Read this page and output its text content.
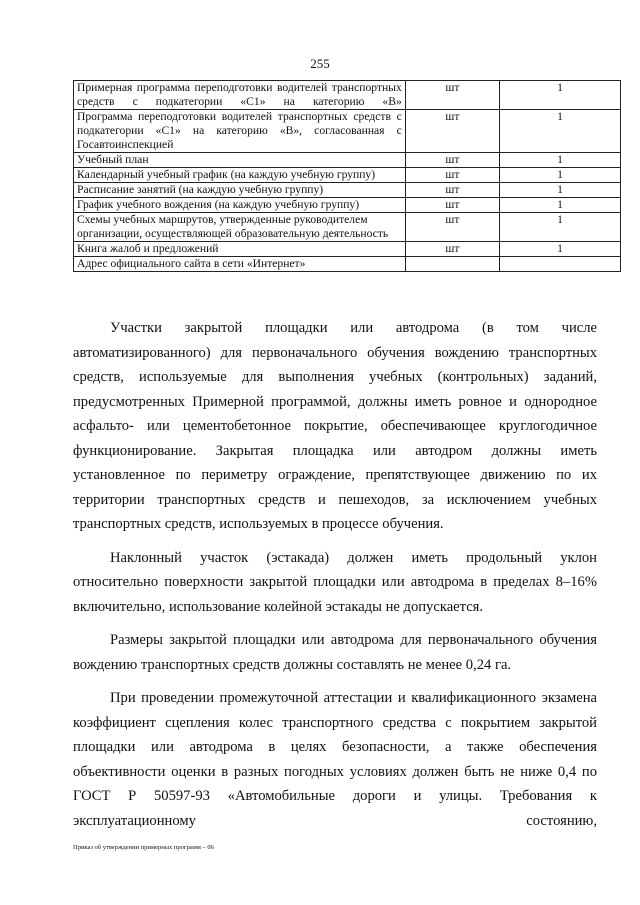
255
Примерная программа переподготовки водителей транспортных средств с подкатегории «С1» на категорию «В»	шт	1
Программа переподготовки водителей транспортных средств с подкатегории «С1» на категорию «В», согласованная с Госавтоинспекцией	шт	1
Учебный план	шт	1
Календарный учебный график (на каждую учебную группу)	шт	1
Расписание занятий (на каждую учебную группу)	шт	1
График учебного вождения (на каждую учебную группу)	шт	1
Схемы учебных маршрутов, утвержденные руководителем организации, осуществляющей образовательную деятельность	шт	1
Книга жалоб и предложений	шт	1
Адрес официального сайта в сети «Интернет»		

Участки закрытой площадки или автодрома (в том числе автоматизированного) для первоначального обучения вождению транспортных средств, используемые для выполнения учебных (контрольных) заданий, предусмотренных Примерной программой, должны иметь ровное и однородное асфальто- или цементобетонное покрытие, обеспечивающее круглогодичное функционирование. Закрытая площадка или автодром должны иметь установленное по периметру ограждение, препятствующее движению по их территории транспортных средств и пешеходов, за исключением учебных транспортных средств, используемых в процессе обучения.

Наклонный участок (эстакада) должен иметь продольный уклон относительно поверхности закрытой площадки или автодрома в пределах 8–16% включительно, использование колейной эстакады не допускается.

Размеры закрытой площадки или автодрома для первоначального обучения вождению транспортных средств должны составлять не менее 0,24 га.

При проведении промежуточной аттестации и квалификационного экзамена коэффициент сцепления колес транспортного средства с покрытием закрытой площадки или автодрома в целях безопасности, а также обеспечения объективности оценки в разных погодных условиях должен быть не ниже 0,4 по ГОСТ Р 50597-93 «Автомобильные дороги и улицы. Требования к эксплуатационному состоянию,

Приказ об утверждении примерных программ – 06
